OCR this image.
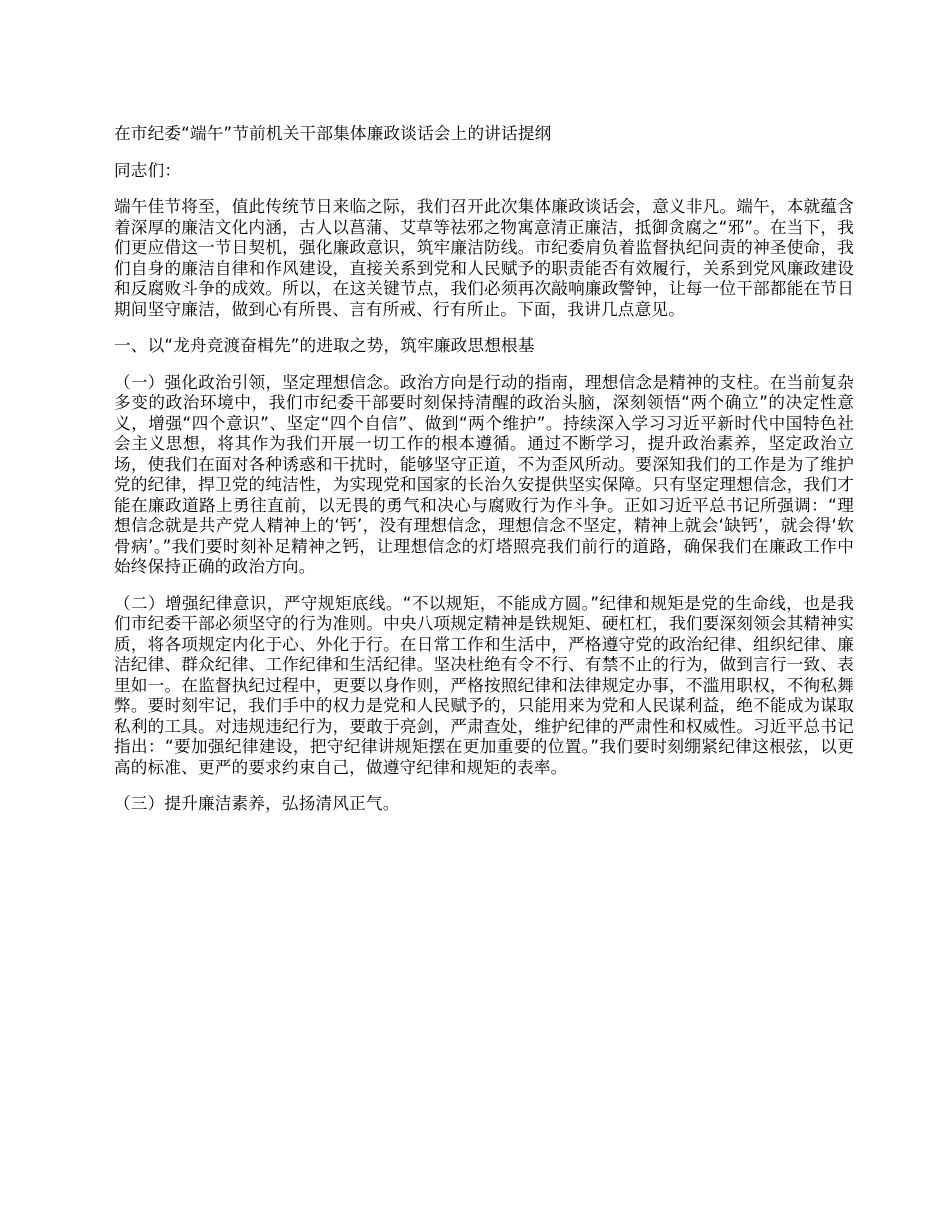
在市纪委“端午”节前机关干部集体廉政谈话会上的讲话提纲

同志们：

端午佳节将至，值此传统节日来临之际，我们召开此次集体廉政谈话会，意义非凡。端午，本就蕴含着深厚的廉洁文化内涵，古人以菖蒲、艾草等祛邪之物寓意清正廉洁，抵御贪腐之“邪”。在当下，我们更应借这一节日契机，强化廉政意识，筑牢廉洁防线。市纪委肩负着监督执纪问责的神圣使命，我们自身的廉洁自律和作风建设，直接关系到党和人民赋予的职责能否有效履行，关系到党风廉政建设和反腐败斗争的成效。所以，在这关键节点，我们必须再次敲响廉政警钟，让每一位干部都能在节日期间坚守廉洁，做到心有所畏、言有所戒、行有所止。下面，我讲几点意见。

一、以“龙舟竞渡奋楫先”的进取之势，筑牢廉政思想根基

（一）强化政治引领，坚定理想信念。政治方向是行动的指南，理想信念是精神的支柱。在当前复杂多变的政治环境中，我们市纪委干部要时刻保持清醒的政治头脑，深刻领悟“两个确立”的决定性意义，增强“四个意识”、坚定“四个自信”、做到“两个维护”。持续深入学习习近平新时代中国特色社会主义思想，将其作为我们开展一切工作的根本遵循。通过不断学习，提升政治素养，坚定政治立场，使我们在面对各种诱惑和干扰时，能够坚守正道，不为歪风所动。要深知我们的工作是为了维护党的纪律，捍卫党的纯洁性，为实现党和国家的长治久安提供坚实保障。只有坚定理想信念，我们才能在廉政道路上勇往直前，以无畏的勇气和决心与腐败行为作斗争。正如习近平总书记所强调：“理想信念就是共产党人精神上的‘钙’，没有理想信念，理想信念不坚定，精神上就会‘缺钙’，就会得‘软骨病’。”我们要时刻补足精神之钙，让理想信念的灯塔照亮我们前行的道路，确保我们在廉政工作中始终保持正确的政治方向。

（二）增强纪律意识，严守规矩底线。“不以规矩，不能成方圆。”纪律和规矩是党的生命线，也是我们市纪委干部必须坚守的行为准则。中央八项规定精神是铁规矩、硬杠杠，我们要深刻领会其精神实质，将各项规定内化于心、外化于行。在日常工作和生活中，严格遵守党的政治纪律、组织纪律、廉洁纪律、群众纪律、工作纪律和生活纪律。坚决杜绝有令不行、有禁不止的行为，做到言行一致、表里如一。在监督执纪过程中，更要以身作则，严格按照纪律和法律规定办事，不滥用职权，不徇私舞弊。要时刻牢记，我们手中的权力是党和人民赋予的，只能用来为党和人民谋利益，绝不能成为谋取私利的工具。对违规违纪行为，要敢于亮剑，严肃查处，维护纪律的严肃性和权威性。习近平总书记指出：“要加强纪律建设，把守纪律讲规矩摆在更加重要的位置。”我们要时刻绷紧纪律这根弦，以更高的标准、更严的要求约束自己，做遵守纪律和规矩的表率。

（三）提升廉洁素养，弘扬清风正气。
